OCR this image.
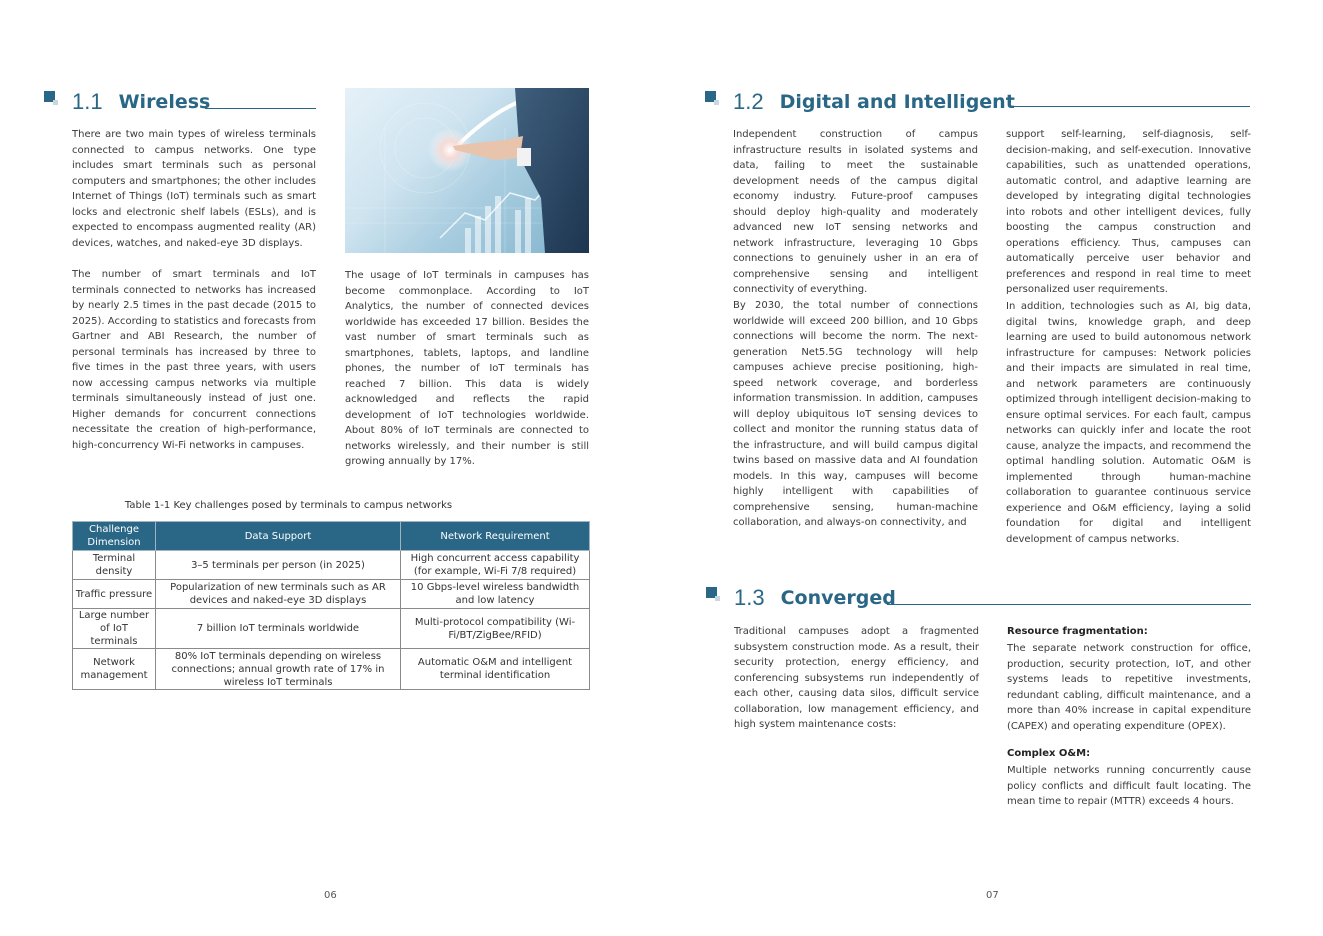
1.1 Wireless

There are two main types of wireless terminals connected to campus networks. One type includes smart terminals such as personal computers and smartphones; the other includes Internet of Things (IoT) terminals such as smart locks and electronic shelf labels (ESLs), and is expected to encompass augmented reality (AR) devices, watches, and naked-eye 3D displays.

The number of smart terminals and IoT terminals connected to networks has increased by nearly 2.5 times in the past decade (2015 to 2025). According to statistics and forecasts from Gartner and ABI Research, the number of personal terminals has increased by three to five times in the past three years, with users now accessing campus networks via multiple terminals simultaneously instead of just one. Higher demands for concurrent connections necessitate the creation of high-performance, high-concurrency Wi-Fi networks in campuses.

The usage of IoT terminals in campuses has become commonplace. According to IoT Analytics, the number of connected devices worldwide has exceeded 17 billion. Besides the vast number of smart terminals such as smartphones, tablets, laptops, and landline phones, the number of IoT terminals has reached 7 billion. This data is widely acknowledged and reflects the rapid development of IoT technologies worldwide. About 80% of IoT terminals are connected to networks wirelessly, and their number is still growing annually by 17%.

Table 1-1 Key challenges posed by terminals to campus networks
Challenge Dimension	Data Support	Network Requirement
Terminal density	3–5 terminals per person (in 2025)	High concurrent access capability (for example, Wi-Fi 7/8 required)
Traffic pressure	Popularization of new terminals such as AR devices and naked-eye 3D displays	10 Gbps-level wireless bandwidth and low latency
Large number of IoT terminals	7 billion IoT terminals worldwide	Multi-protocol compatibility (Wi-Fi/BT/ZigBee/RFID)
Network management	80% IoT terminals depending on wireless connections; annual growth rate of 17% in wireless IoT terminals	Automatic O&M and intelligent terminal identification
06
1.2 Digital and Intelligent

Independent construction of campus infrastructure results in isolated systems and data, failing to meet the sustainable development needs of the campus digital economy industry. Future-proof campuses should deploy high-quality and moderately advanced new IoT sensing networks and network infrastructure, leveraging 10 Gbps connections to genuinely usher in an era of comprehensive sensing and intelligent connectivity of everything.

By 2030, the total number of connections worldwide will exceed 200 billion, and 10 Gbps connections will become the norm. The next-generation Net5.5G technology will help campuses achieve precise positioning, high-speed network coverage, and borderless information transmission. In addition, campuses will deploy ubiquitous IoT sensing devices to collect and monitor the running status data of the infrastructure, and will build campus digital twins based on massive data and AI foundation models. In this way, campuses will become highly intelligent with capabilities of comprehensive sensing, human-machine collaboration, and always-on connectivity, and

support self-learning, self-diagnosis, self-decision-making, and self-execution. Innovative capabilities, such as unattended operations, automatic control, and adaptive learning are developed by integrating digital technologies into robots and other intelligent devices, fully boosting the campus construction and operations efficiency. Thus, campuses can automatically perceive user behavior and preferences and respond in real time to meet personalized user requirements.

In addition, technologies such as AI, big data, digital twins, knowledge graph, and deep learning are used to build autonomous network infrastructure for campuses: Network policies and their impacts are simulated in real time, and network parameters are continuously optimized through intelligent decision-making to ensure optimal services. For each fault, campus networks can quickly infer and locate the root cause, analyze the impacts, and recommend the optimal handling solution. Automatic O&M is implemented through human-machine collaboration to guarantee continuous service experience and O&M efficiency, laying a solid foundation for digital and intelligent development of campus networks.

1.3 Converged

Traditional campuses adopt a fragmented subsystem construction mode. As a result, their security protection, energy efficiency, and conferencing subsystems run independently of each other, causing data silos, difficult service collaboration, low management efficiency, and high system maintenance costs:

Resource fragmentation:

The separate network construction for office, production, security protection, IoT, and other systems leads to repetitive investments, redundant cabling, difficult maintenance, and a more than 40% increase in capital expenditure (CAPEX) and operating expenditure (OPEX).

Complex O&M:

Multiple networks running concurrently cause policy conflicts and difficult fault locating. The mean time to repair (MTTR) exceeds 4 hours.

07
